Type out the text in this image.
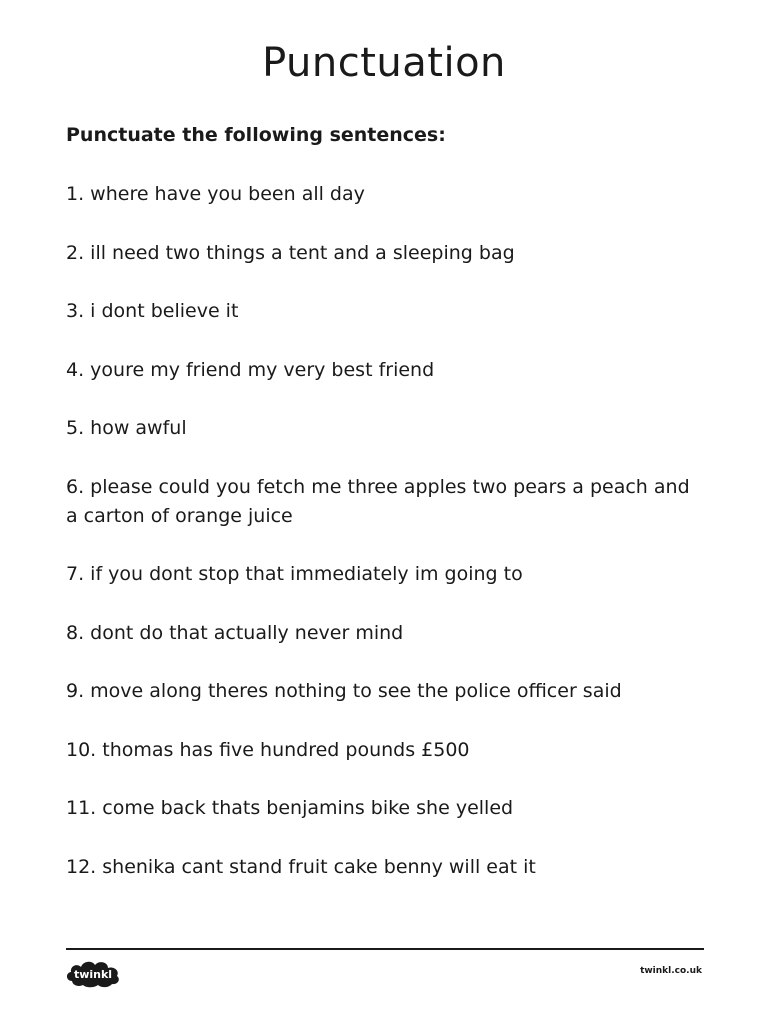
Punctuation

Punctuate the following sentences:

1. where have you been all day
2. ill need two things a tent and a sleeping bag
3. i dont believe it
4. youre my friend my very best friend
5. how awful
6. please could you fetch me three apples two pears a peach and a carton of orange juice
7. if you dont stop that immediately im going to
8. dont do that actually never mind
9. move along theres nothing to see the police officer said
10. thomas has five hundred pounds £500
11. come back thats benjamins bike she yelled
12. shenika cant stand fruit cake benny will eat it
twinkl	twinkl.co.uk
